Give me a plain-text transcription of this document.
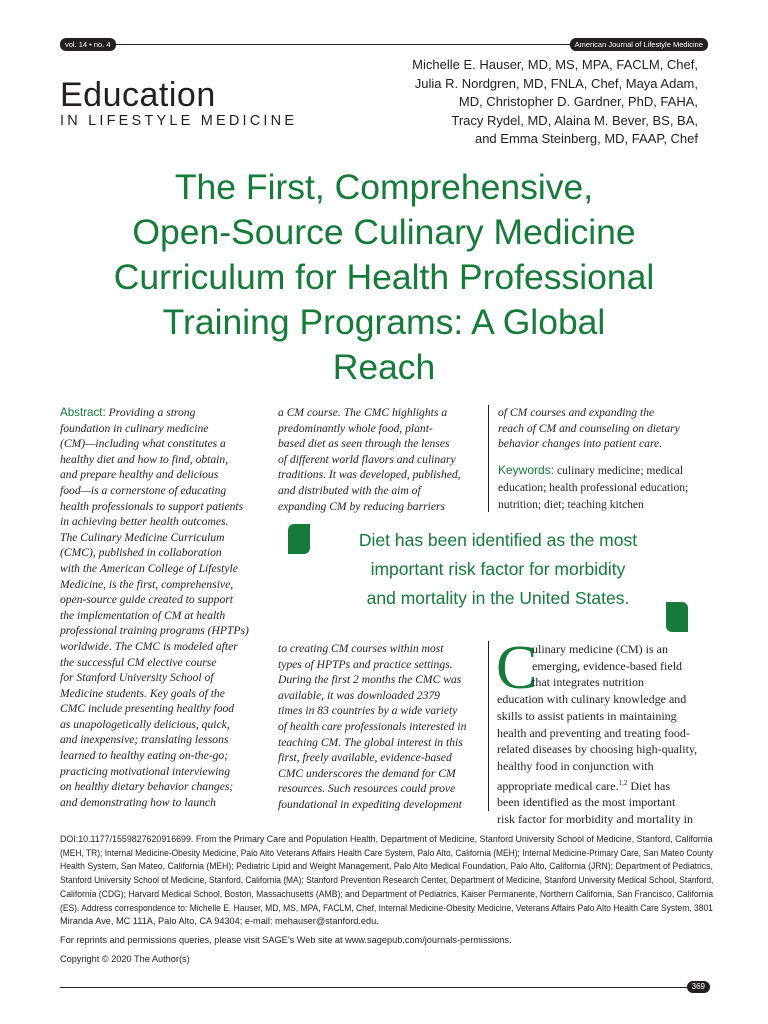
vol. 14 • no. 4	American Journal of Lifestyle Medicine
Education
IN LIFESTYLE MEDICINE
Michelle E. Hauser, MD, MS, MPA, FACLM, Chef,
Julia R. Nordgren, MD, FNLA, Chef, Maya Adam,
MD, Christopher D. Gardner, PhD, FAHA,
Tracy Rydel, MD, Alaina M. Bever, BS, BA,
and Emma Steinberg, MD, FAAP, Chef
The First, Comprehensive,
Open-Source Culinary Medicine
Curriculum for Health Professional
Training Programs: A Global
Reach
Abstract: Providing a strong
foundation in culinary medicine
(CM)—including what constitutes a
healthy diet and how to find, obtain,
and prepare healthy and delicious
food—is a cornerstone of educating
health professionals to support patients
in achieving better health outcomes.
The Culinary Medicine Curriculum
(CMC), published in collaboration
with the American College of Lifestyle
Medicine, is the first, comprehensive,
open-source guide created to support
the implementation of CM at health
professional training programs (HPTPs)
worldwide. The CMC is modeled after
the successful CM elective course
for Stanford University School of
Medicine students. Key goals of the
CMC include presenting healthy food
as unapologetically delicious, quick,
and inexpensive; translating lessons
learned to healthy eating on-the-go;
practicing motivational interviewing
on healthy dietary behavior changes;
and demonstrating how to launch
a CM course. The CMC highlights a
predominantly whole food, plant-
based diet as seen through the lenses
of different world flavors and culinary
traditions. It was developed, published,
and distributed with the aim of
expanding CM by reducing barriers
of CM courses and expanding the
reach of CM and counseling on dietary
behavior changes into patient care.
Keywords: culinary medicine; medical
education; health professional education;
nutrition; diet; teaching kitchen
Diet has been identified as the most
important risk factor for morbidity
and mortality in the United States.
to creating CM courses within most
types of HPTPs and practice settings.
During the first 2 months the CMC was
available, it was downloaded 2379
times in 83 countries by a wide variety
of health care professionals interested in
teaching CM. The global interest in this
first, freely available, evidence-based
CMC underscores the demand for CM
resources. Such resources could prove
foundational in expediting development
C
ulinary medicine (CM) is an
emerging, evidence-based field
that integrates nutrition
education with culinary knowledge and
skills to assist patients in maintaining
health and preventing and treating food-
related diseases by choosing high-quality,
healthy food in conjunction with
appropriate medical care.$^{1,2}$ Diet has
been identified as the most important
risk factor for morbidity and mortality in
DOI:10.1177/1559827620916699. From the Primary Care and Population Health, Department of Medicine, Stanford University School of Medicine, Stanford, California
(MEH, TR); Internal Medicine-Obesity Medicine, Palo Alto Veterans Affairs Health Care System, Palo Alto, California (MEH); Internal Medicine-Primary Care, San Mateo County
Health System, San Mateo, California (MEH); Pediatric Lipid and Weight Management, Palo Alto Medical Foundation, Palo Alto, California (JRN); Department of Pediatrics,
Stanford University School of Medicine, Stanford, California (MA); Stanford Prevention Research Center, Department of Medicine, Stanford University Medical School, Stanford,
California (CDG); Harvard Medical School, Boston, Massachusetts (AMB); and Department of Pediatrics, Kaiser Permanente, Northern California, San Francisco, California
(ES). Address correspondence to: Michelle E. Hauser, MD, MS, MPA, FACLM, Chef, Internal Medicine-Obesity Medicine, Veterans Affairs Palo Alto Health Care System, 3801
Miranda Ave, MC 111A, Palo Alto, CA 94304; e-mail: mehauser@stanford.edu.
For reprints and permissions queries, please visit SAGE’s Web site at www.sagepub.com/journals-permissions.
Copyright © 2020 The Author(s)
369
